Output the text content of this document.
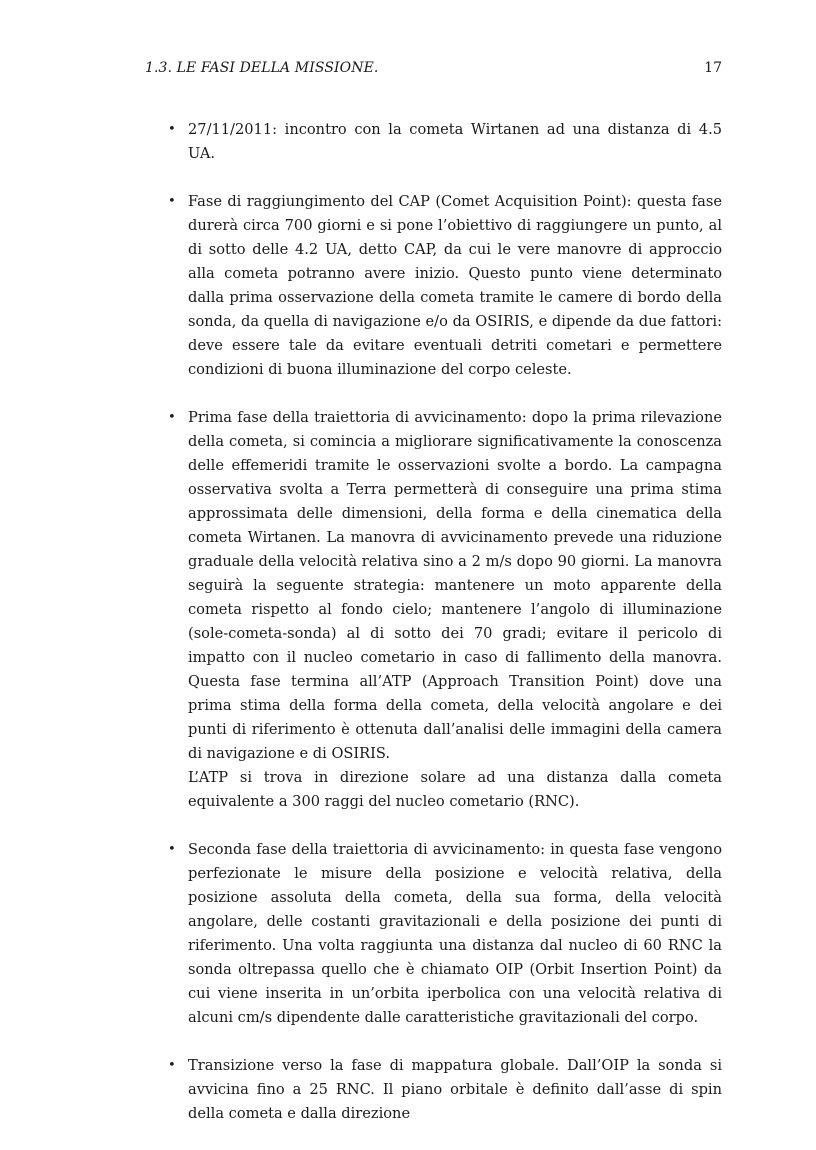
1.3. LE FASI DELLA MISSIONE.	17
• 27/11/2011: incontro con la cometa Wirtanen ad una distanza di 4.5 UA.

• Fase di raggiungimento del CAP (Comet Acquisition Point): questa fase durerà circa 700 giorni e si pone l’obiettivo di raggiungere un punto, al di sotto delle 4.2 UA, detto CAP, da cui le vere manovre di approccio alla cometa potranno avere inizio. Questo punto viene determinato dalla prima osservazione della cometa tramite le camere di bordo della sonda, da quella di navigazione e/o da OSIRIS, e dipende da due fattori: deve essere tale da evitare eventuali detriti cometari e permettere condizioni di buona illuminazione del corpo celeste.

• Prima fase della traiettoria di avvicinamento: dopo la prima rilevazione della cometa, si comincia a migliorare significativamente la conoscenza delle effemeridi tramite le osservazioni svolte a bordo. La campagna osservativa svolta a Terra permetterà di conseguire una prima stima approssimata delle dimensioni, della forma e della cinematica della cometa Wirtanen. La manovra di avvicinamento prevede una riduzione graduale della velocità relativa sino a 2 m/s dopo 90 giorni. La manovra seguirà la seguente strategia: mantenere un moto apparente della cometa rispetto al fondo cielo; mantenere l’angolo di illuminazione (sole-cometa-sonda) al di sotto dei 70 gradi; evitare il pericolo di impatto con il nucleo cometario in caso di fallimento della manovra. Questa fase termina all’ATP (Approach Transition Point) dove una prima stima della forma della cometa, della velocità angolare e dei punti di riferimento è ottenuta dall’analisi delle immagini della camera di navigazione e di OSIRIS.

L’ATP si trova in direzione solare ad una distanza dalla cometa equivalente a 300 raggi del nucleo cometario (RNC).

• Seconda fase della traiettoria di avvicinamento: in questa fase vengono perfezionate le misure della posizione e velocità relativa, della posizione assoluta della cometa, della sua forma, della velocità angolare, delle costanti gravitazionali e della posizione dei punti di riferimento. Una volta raggiunta una distanza dal nucleo di 60 RNC la sonda oltrepassa quello che è chiamato OIP (Orbit Insertion Point) da cui viene inserita in un’orbita iperbolica con una velocità relativa di alcuni cm/s dipendente dalle caratteristiche gravitazionali del corpo.

• Transizione verso la fase di mappatura globale. Dall’OIP la sonda si avvicina fino a 25 RNC. Il piano orbitale è definito dall’asse di spin della cometa e dalla direzione
